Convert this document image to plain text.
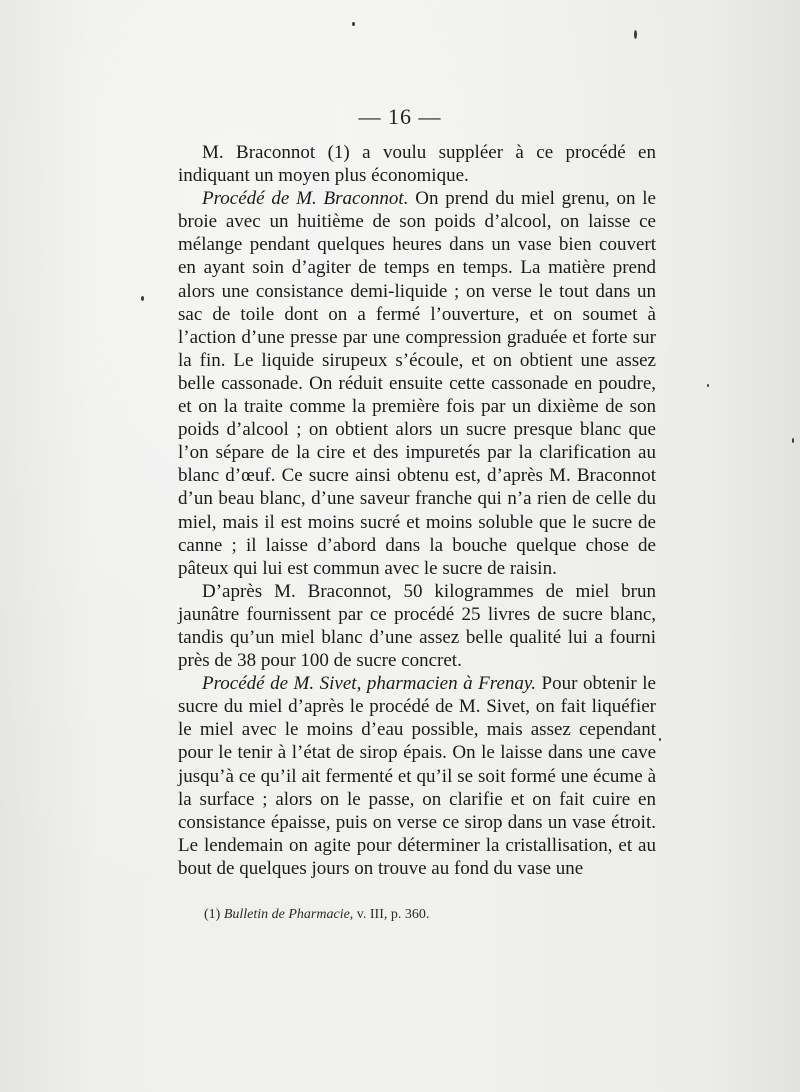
— 16 —

M. Braconnot (1) a voulu suppléer à ce procédé en indiquant un moyen plus économique.

Procédé de M. Braconnot. On prend du miel grenu, on le broie avec un huitième de son poids d’alcool, on laisse ce mélange pendant quelques heures dans un vase bien couvert en ayant soin d’agiter de temps en temps. La matière prend alors une consistance demi-liquide ; on verse le tout dans un sac de toile dont on a fermé l’ouverture, et on soumet à l’action d’une presse par une compression graduée et forte sur la fin. Le liquide sirupeux s’écoule, et on obtient une assez belle cassonade. On réduit ensuite cette cassonade en poudre, et on la traite comme la première fois par un dixième de son poids d’alcool ; on obtient alors un sucre presque blanc que l’on sépare de la cire et des impuretés par la clarification au blanc d’œuf. Ce sucre ainsi obtenu est, d’après M. Braconnot d’un beau blanc, d’une saveur franche qui n’a rien de celle du miel, mais il est moins sucré et moins soluble que le sucre de canne ; il laisse d’abord dans la bouche quelque chose de pâteux qui lui est commun avec le sucre de raisin.

D’après M. Braconnot, 50 kilogrammes de miel brun jaunâtre fournissent par ce procédé 25 livres de sucre blanc, tandis qu’un miel blanc d’une assez belle qualité lui a fourni près de 38 pour 100 de sucre concret.

Procédé de M. Sivet, pharmacien à Frenay. Pour obtenir le sucre du miel d’après le procédé de M. Sivet, on fait liquéfier le miel avec le moins d’eau possible, mais assez cependant pour le tenir à l’état de sirop épais. On le laisse dans une cave jusqu’à ce qu’il ait fermenté et qu’il se soit formé une écume à la surface ; alors on le passe, on clarifie et on fait cuire en consistance épaisse, puis on verse ce sirop dans un vase étroit. Le lendemain on agite pour déterminer la cristallisation, et au bout de quelques jours on trouve au fond du vase une

(1) Bulletin de Pharmacie, v. III, p. 360.
